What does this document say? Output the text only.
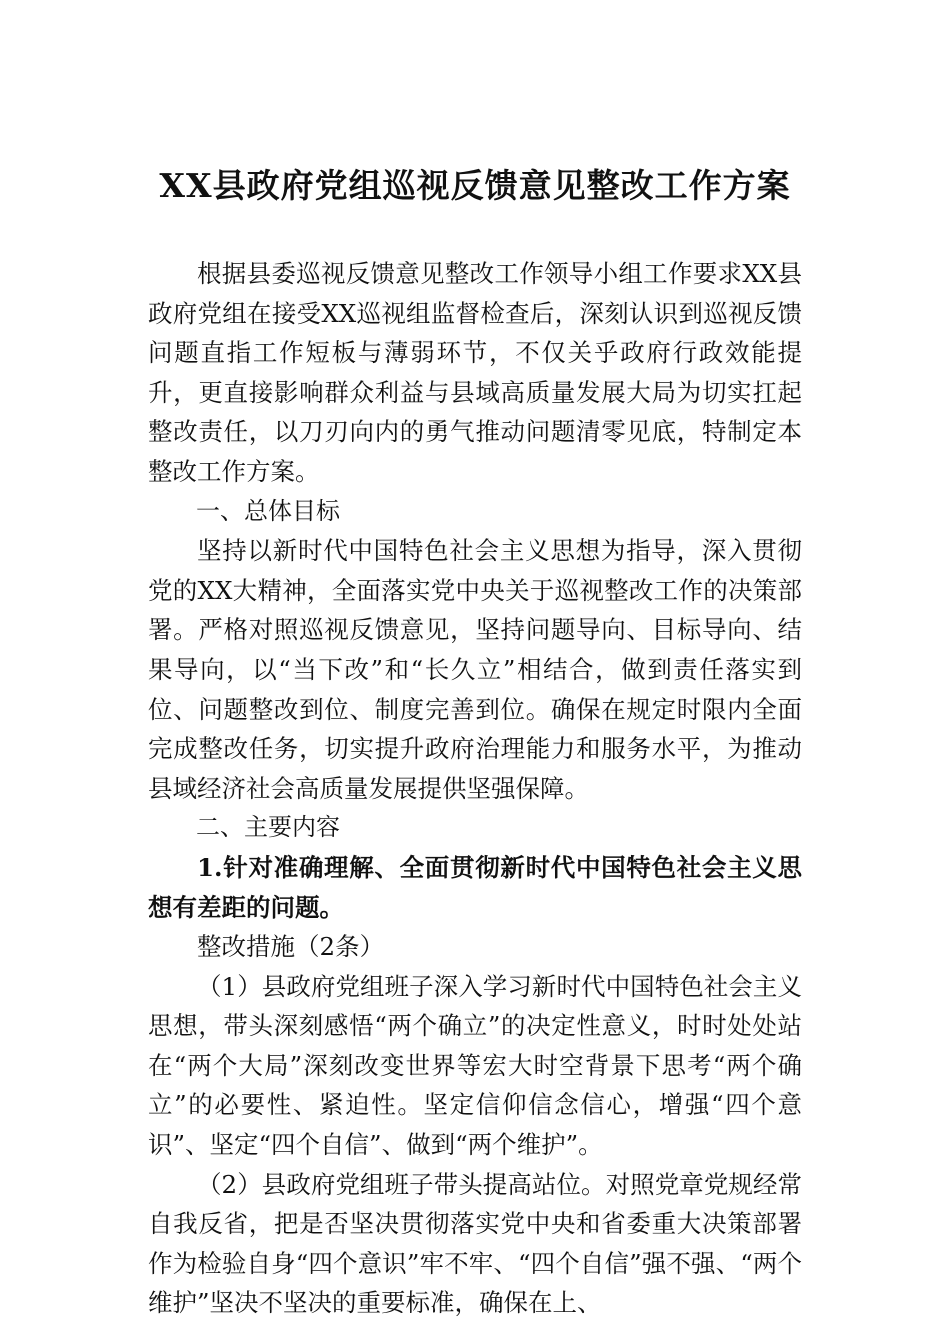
XX县政府党组巡视反馈意见整改工作方案

根据县委巡视反馈意见整改工作领导小组工作要求XX县政府党组在接受XX巡视组监督检查后，深刻认识到巡视反馈问题直指工作短板与薄弱环节，不仅关乎政府行政效能提升，更直接影响群众利益与县域高质量发展大局为切实扛起整改责任，以刀刃向内的勇气推动问题清零见底，特制定本整改工作方案。

一、总体目标

坚持以新时代中国特色社会主义思想为指导，深入贯彻党的XX大精神，全面落实党中央关于巡视整改工作的决策部署。严格对照巡视反馈意见，坚持问题导向、目标导向、结果导向，以“当下改”和“长久立”相结合，做到责任落实到位、问题整改到位、制度完善到位。确保在规定时限内全面完成整改任务，切实提升政府治理能力和服务水平，为推动县域经济社会高质量发展提供坚强保障。

二、主要内容

1.针对准确理解、全面贯彻新时代中国特色社会主义思想有差距的问题。

整改措施（2条）

（1）县政府党组班子深入学习新时代中国特色社会主义思想，带头深刻感悟“两个确立”的决定性意义，时时处处站在“两个大局”深刻改变世界等宏大时空背景下思考“两个确立”的必要性、紧迫性。坚定信仰信念信心，增强“四个意识”、坚定“四个自信”、做到“两个维护”。

（2）县政府党组班子带头提高站位。对照党章党规经常自我反省，把是否坚决贯彻落实党中央和省委重大决策部署作为检验自身“四个意识”牢不牢、“四个自信”强不强、“两个维护”坚决不坚决的重要标准，确保在上、
